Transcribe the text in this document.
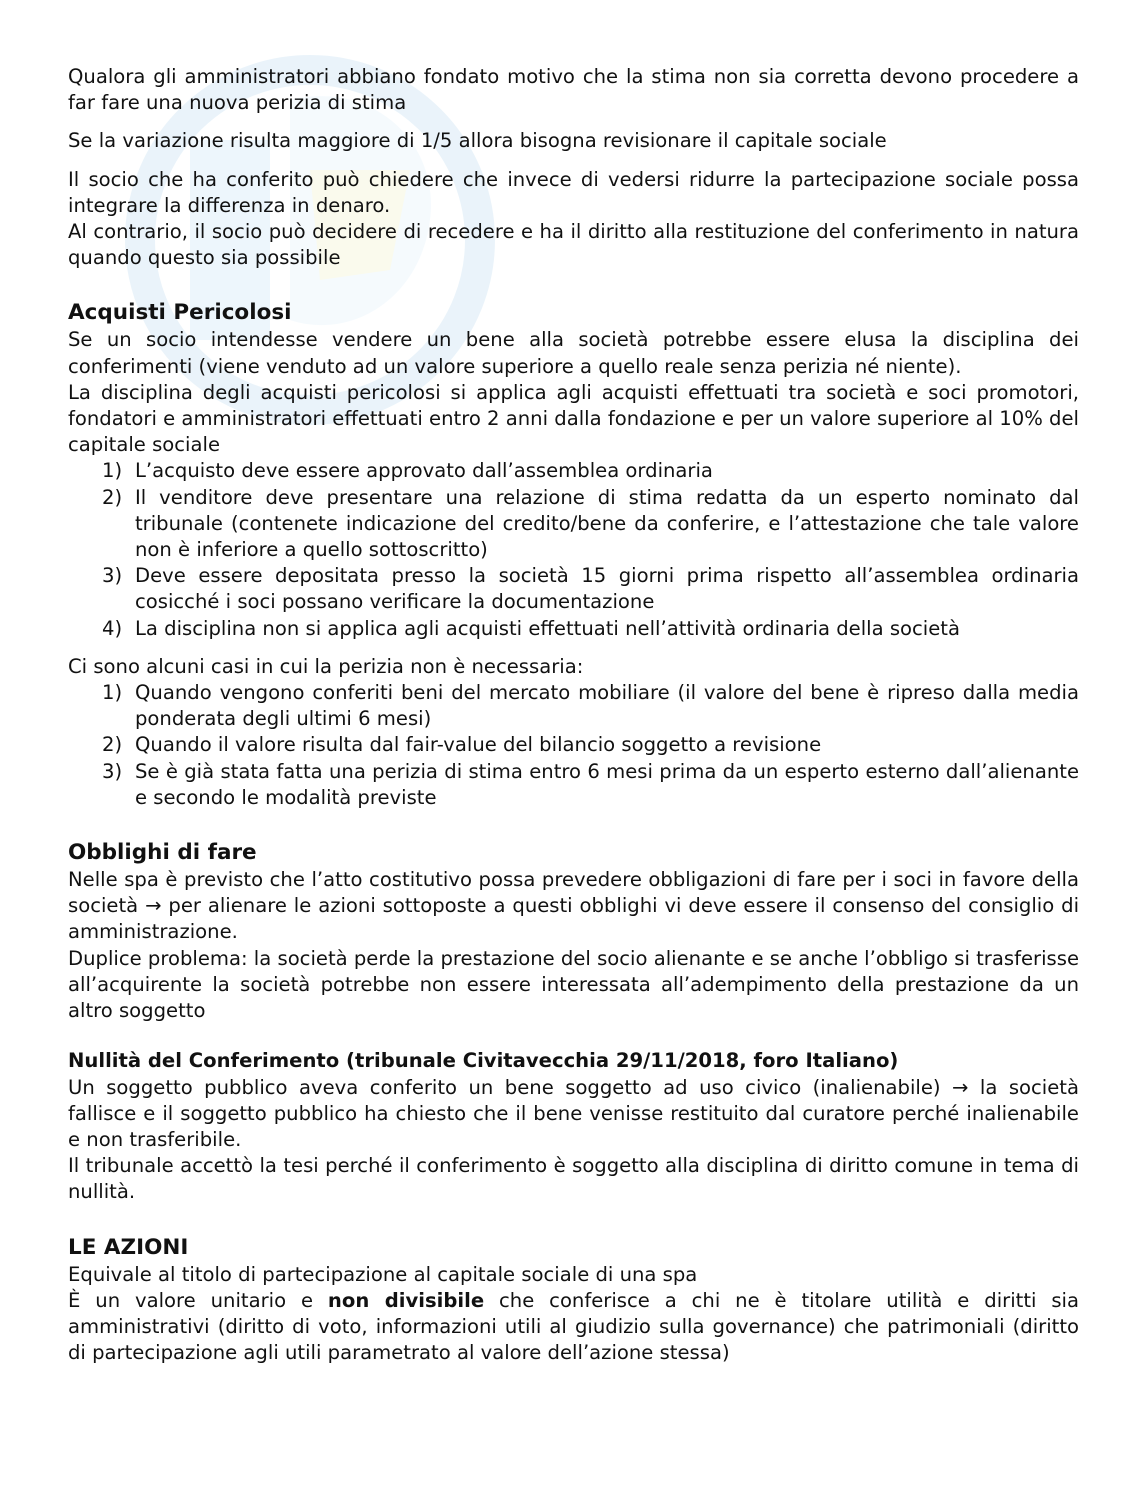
Qualora gli amministratori abbiano fondato motivo che la stima non sia corretta devono procedere a far fare una nuova perizia di stima

Se la variazione risulta maggiore di 1/5 allora bisogna revisionare il capitale sociale

Il socio che ha conferito può chiedere che invece di vedersi ridurre la partecipazione sociale possa integrare la differenza in denaro.

Al contrario, il socio può decidere di recedere e ha il diritto alla restituzione del conferimento in natura quando questo sia possibile

Acquisti Pericolosi

Se un socio intendesse vendere un bene alla società potrebbe essere elusa la disciplina dei conferimenti (viene venduto ad un valore superiore a quello reale senza perizia né niente).

La disciplina degli acquisti pericolosi si applica agli acquisti effettuati tra società e soci promotori, fondatori e amministratori effettuati entro 2 anni dalla fondazione e per un valore superiore al 10% del capitale sociale

1) L’acquisto deve essere approvato dall’assemblea ordinaria
2) Il venditore deve presentare una relazione di stima redatta da un esperto nominato dal tribunale (contenete indicazione del credito/bene da conferire, e l’attestazione che tale valore non è inferiore a quello sottoscritto)
3) Deve essere depositata presso la società 15 giorni prima rispetto all’assemblea ordinaria cosicché i soci possano verificare la documentazione
4) La disciplina non si applica agli acquisti effettuati nell’attività ordinaria della società

Ci sono alcuni casi in cui la perizia non è necessaria:

1) Quando vengono conferiti beni del mercato mobiliare (il valore del bene è ripreso dalla media ponderata degli ultimi 6 mesi)
2) Quando il valore risulta dal fair-value del bilancio soggetto a revisione
3) Se è già stata fatta una perizia di stima entro 6 mesi prima da un esperto esterno dall’alienante e secondo le modalità previste
Obblighi di fare

Nelle spa è previsto che l’atto costitutivo possa prevedere obbligazioni di fare per i soci in favore della società → per alienare le azioni sottoposte a questi obblighi vi deve essere il consenso del consiglio di amministrazione.

Duplice problema: la società perde la prestazione del socio alienante e se anche l’obbligo si trasferisse all’acquirente la società potrebbe non essere interessata all’adempimento della prestazione da un altro soggetto

Nullità del Conferimento (tribunale Civitavecchia 29/11/2018, foro Italiano)

Un soggetto pubblico aveva conferito un bene soggetto ad uso civico (inalienabile) → la società fallisce e il soggetto pubblico ha chiesto che il bene venisse restituito dal curatore perché inalienabile e non trasferibile.

Il tribunale accettò la tesi perché il conferimento è soggetto alla disciplina di diritto comune in tema di nullità.

LE AZIONI

Equivale al titolo di partecipazione al capitale sociale di una spa

È un valore unitario e non divisibile che conferisce a chi ne è titolare utilità e diritti sia amministrativi (diritto di voto, informazioni utili al giudizio sulla governance) che patrimoniali (diritto di partecipazione agli utili parametrato al valore dell’azione stessa)
